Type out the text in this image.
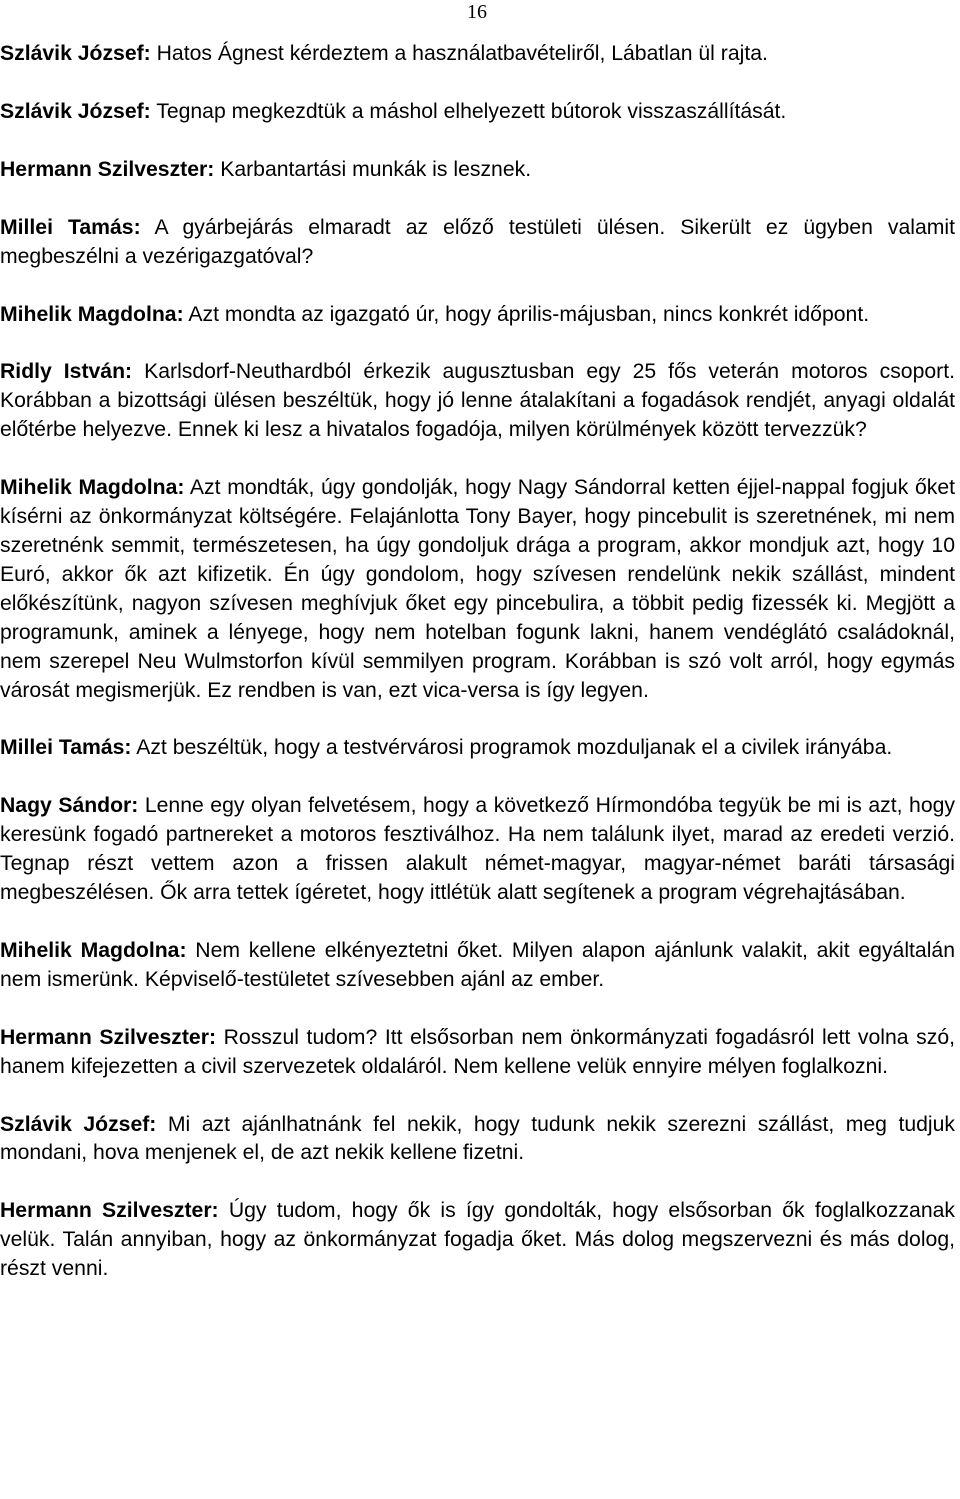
16

Szlávik József: Hatos Ágnest kérdeztem a használatbavételiről, Lábatlan ül rajta.

Szlávik József: Tegnap megkezdtük a máshol elhelyezett bútorok visszaszállítását.

Hermann Szilveszter: Karbantartási munkák is lesznek.

Millei Tamás: A gyárbejárás elmaradt az előző testületi ülésen. Sikerült ez ügyben valamit megbeszélni a vezérigazgatóval?

Mihelik Magdolna: Azt mondta az igazgató úr, hogy április-májusban, nincs konkrét időpont.

Ridly István: Karlsdorf-Neuthardból érkezik augusztusban egy 25 fős veterán motoros csoport. Korábban a bizottsági ülésen beszéltük, hogy jó lenne átalakítani a fogadások rendjét, anyagi oldalát előtérbe helyezve. Ennek ki lesz a hivatalos fogadója, milyen körülmények között tervezzük?

Mihelik Magdolna: Azt mondták, úgy gondolják, hogy Nagy Sándorral ketten éjjel-nappal fogjuk őket kísérni az önkormányzat költségére. Felajánlotta Tony Bayer, hogy pincebulit is szeretnének, mi nem szeretnénk semmit, természetesen, ha úgy gondoljuk drága a program, akkor mondjuk azt, hogy 10 Euró, akkor ők azt kifizetik. Én úgy gondolom, hogy szívesen rendelünk nekik szállást, mindent előkészítünk, nagyon szívesen meghívjuk őket egy pincebulira, a többit pedig fizessék ki. Megjött a programunk, aminek a lényege, hogy nem hotelban fogunk lakni, hanem vendéglátó családoknál, nem szerepel Neu Wulmstorfon kívül semmilyen program. Korábban is szó volt arról, hogy egymás városát megismerjük. Ez rendben is van, ezt vica-versa is így legyen.

Millei Tamás: Azt beszéltük, hogy a testvérvárosi programok mozduljanak el a civilek irányába.

Nagy Sándor: Lenne egy olyan felvetésem, hogy a következő Hírmondóba tegyük be mi is azt, hogy keresünk fogadó partnereket a motoros fesztiválhoz. Ha nem találunk ilyet, marad az eredeti verzió. Tegnap részt vettem azon a frissen alakult német-magyar, magyar-német baráti társasági megbeszélésen. Ők arra tettek ígéretet, hogy ittlétük alatt segítenek a program végrehajtásában.

Mihelik Magdolna: Nem kellene elkényeztetni őket. Milyen alapon ajánlunk valakit, akit egyáltalán nem ismerünk. Képviselő-testületet szívesebben ajánl az ember.

Hermann Szilveszter: Rosszul tudom? Itt elsősorban nem önkormányzati fogadásról lett volna szó, hanem kifejezetten a civil szervezetek oldaláról. Nem kellene velük ennyire mélyen foglalkozni.

Szlávik József: Mi azt ajánlhatnánk fel nekik, hogy tudunk nekik szerezni szállást, meg tudjuk mondani, hova menjenek el, de azt nekik kellene fizetni.

Hermann Szilveszter: Úgy tudom, hogy ők is így gondolták, hogy elsősorban ők foglalkozzanak velük. Talán annyiban, hogy az önkormányzat fogadja őket. Más dolog megszervezni és más dolog, részt venni.
